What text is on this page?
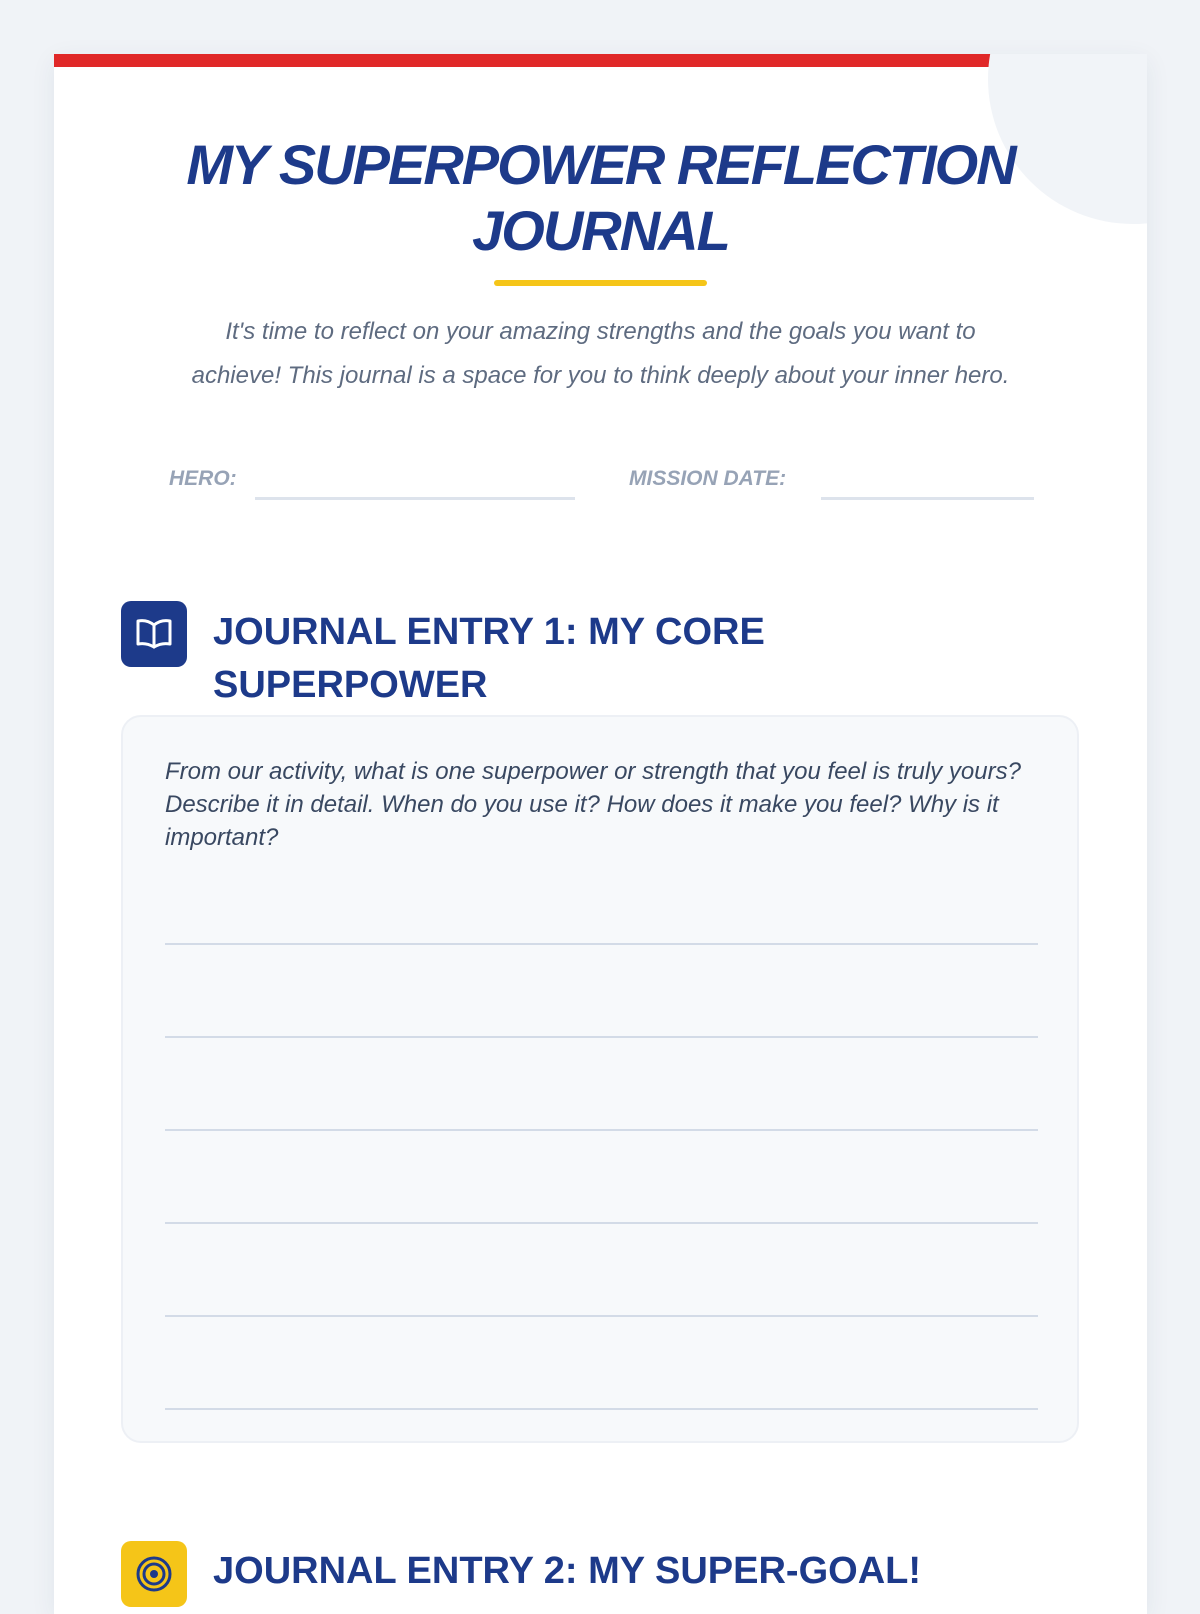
MY SUPERPOWER REFLECTION
JOURNAL

It's time to reflect on your amazing strengths and the goals you want to
achieve! This journal is a space for you to think deeply about your inner hero.

HERO:	MISSION DATE:
JOURNAL ENTRY 1: MY CORE
SUPERPOWER

From our activity, what is one superpower or strength that you feel is truly yours? Describe it in detail. When do you use it? How does it make you feel? Why is it important?

JOURNAL ENTRY 2: MY SUPER-GOAL!
